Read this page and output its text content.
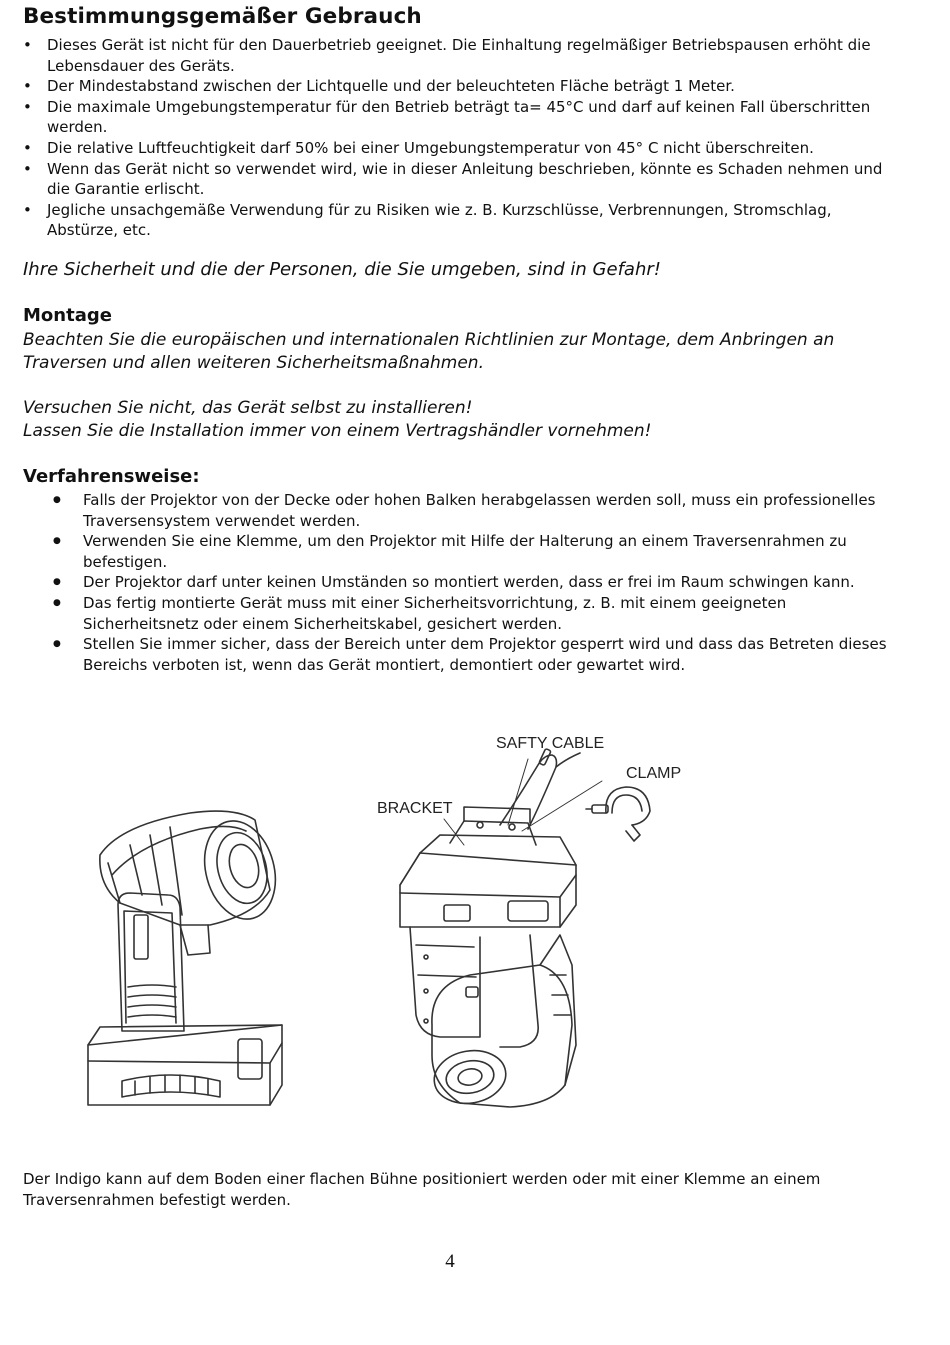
Bestimmungsgemäßer Gebrauch
• Dieses Gerät ist nicht für den Dauerbetrieb geeignet. Die Einhaltung regelmäßiger Betriebspausen erhöht die Lebensdauer des Geräts.
• Der Mindestabstand zwischen der Lichtquelle und der beleuchteten Fläche beträgt 1 Meter.
• Die maximale Umgebungstemperatur für den Betrieb beträgt ta= 45°C und darf auf keinen Fall überschritten werden.
• Die relative Luftfeuchtigkeit darf 50% bei einer Umgebungstemperatur von 45° C nicht überschreiten.
• Wenn das Gerät nicht so verwendet wird, wie in dieser Anleitung beschrieben, könnte es Schaden nehmen und die Garantie erlischt.
• Jegliche unsachgemäße Verwendung für zu Risiken wie z. B. Kurzschlüsse, Verbrennungen, Stromschlag, Abstürze, etc.

Ihre Sicherheit und die der Personen, die Sie umgeben, sind in Gefahr!

Montage

Beachten Sie die europäischen und internationalen Richtlinien zur Montage, dem Anbringen an Traversen und allen weiteren Sicherheitsmaßnahmen.

Versuchen Sie nicht, das Gerät selbst zu installieren!

Lassen Sie die Installation immer von einem Vertragshändler vornehmen!

Verfahrensweise:
● Falls der Projektor von der Decke oder hohen Balken herabgelassen werden soll, muss ein professionelles Traversensystem verwendet werden.
● Verwenden Sie eine Klemme, um den Projektor mit Hilfe der Halterung an einem Traversenrahmen zu befestigen.
● Der Projektor darf unter keinen Umständen so montiert werden, dass er frei im Raum schwingen kann.
● Das fertig montierte Gerät muss mit einer Sicherheitsvorrichtung, z. B. mit einem geeigneten Sicherheitsnetz oder einem Sicherheitskabel, gesichert werden.
● Stellen Sie immer sicher, dass der Bereich unter dem Projektor gesperrt wird und dass das Betreten dieses Bereichs verboten ist, wenn das Gerät montiert, demontiert oder gewartet wird.
SAFTY CABLE
CLAMP
BRACKET

Der Indigo kann auf dem Boden einer flachen Bühne positioniert werden oder mit einer Klemme an einem Traversenrahmen befestigt werden.

4
